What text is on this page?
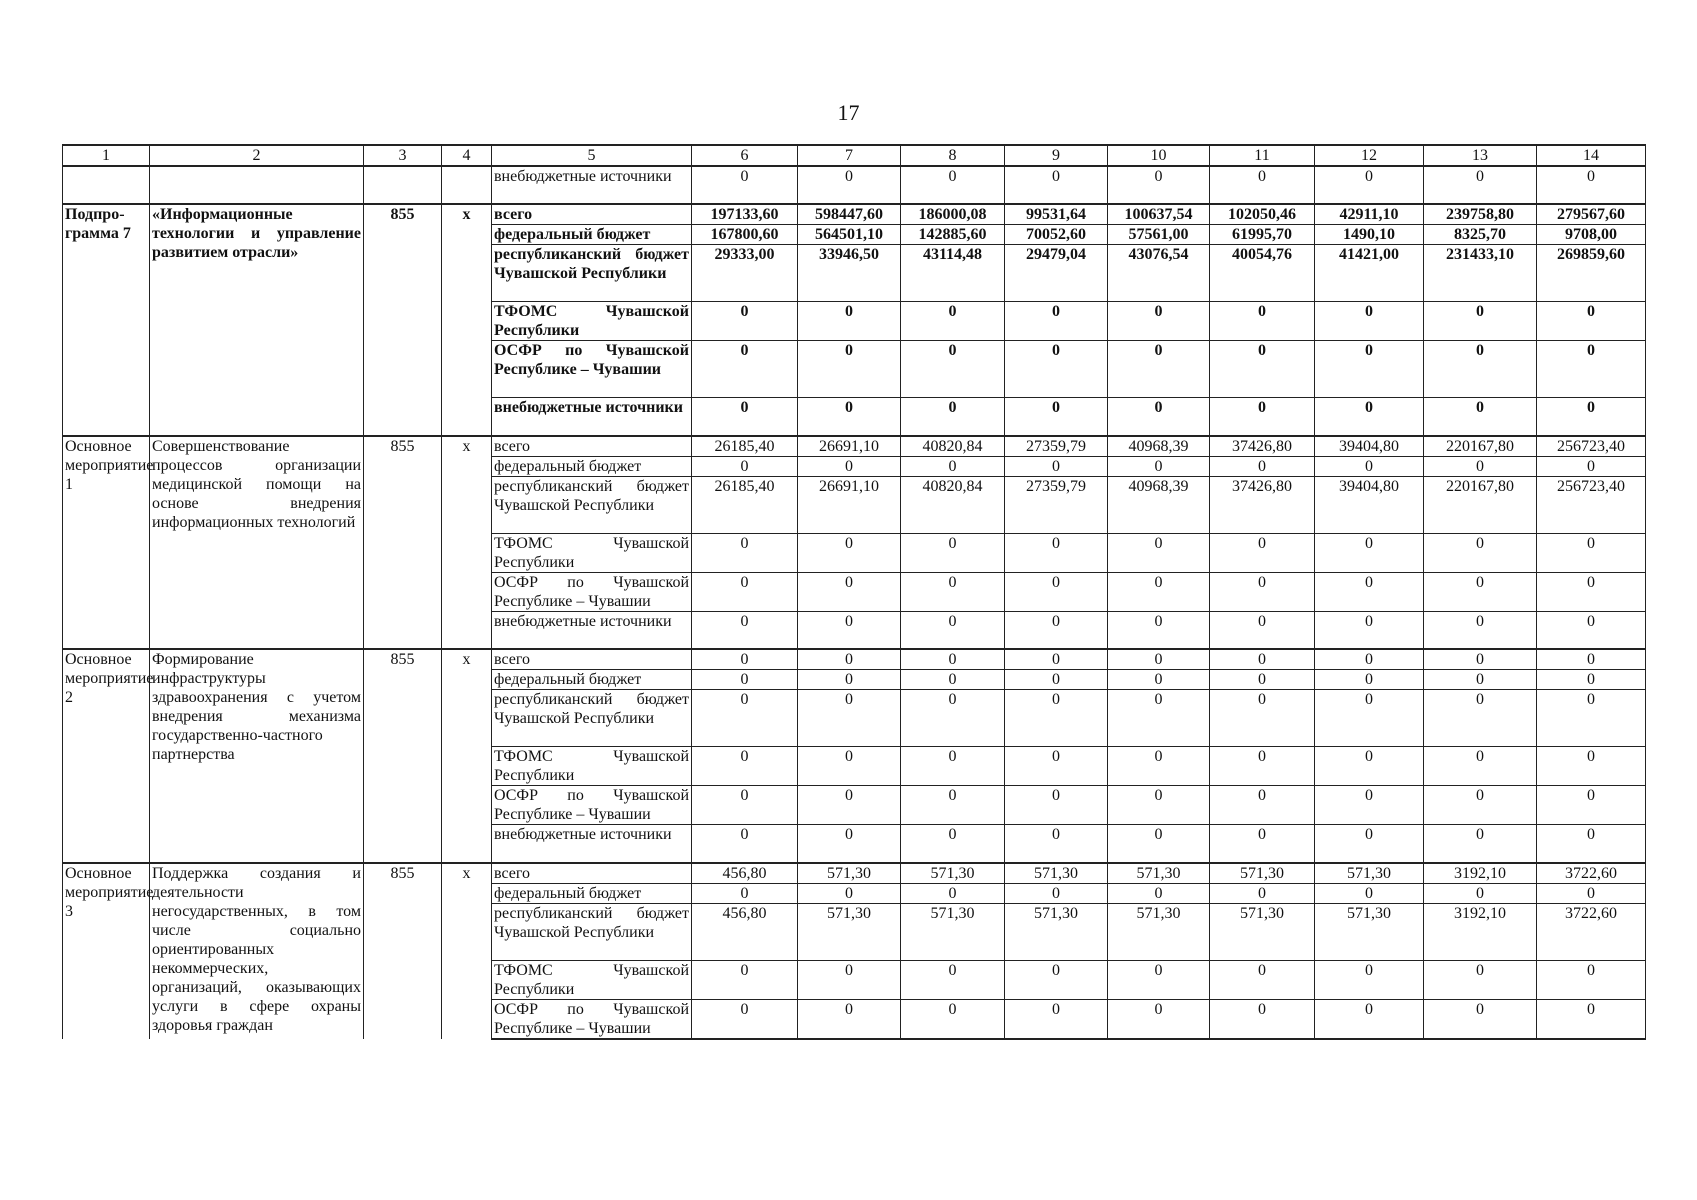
17
1	2	3	4	5	6	7	8	9	10	11	12	13	14
				внебюджетные источники	0	0	0	0	0	0	0	0	0
Подпро-грамма 7	«Информационные технологии и управление развитием отрасли»	855	x	всего	197133,60	598447,60	186000,08	99531,64	100637,54	102050,46	42911,10	239758,80	279567,60
				федеральный бюджет	167800,60	564501,10	142885,60	70052,60	57561,00	61995,70	1490,10	8325,70	9708,00
				республиканский бюджет Чувашской Республики	29333,00	33946,50	43114,48	29479,04	43076,54	40054,76	41421,00	231433,10	269859,60
				ТФОМС Чувашской Республики	0	0	0	0	0	0	0	0	0
				ОСФР по Чувашской Республике – Чувашии	0	0	0	0	0	0	0	0	0
				внебюджетные источники	0	0	0	0	0	0	0	0	0
Основное мероприятие 1	Совершенствование процессов организации медицинской помощи на основе внедрения информационных технологий	855	x	всего	26185,40	26691,10	40820,84	27359,79	40968,39	37426,80	39404,80	220167,80	256723,40
				федеральный бюджет	0	0	0	0	0	0	0	0	0
				республиканский бюджет Чувашской Республики	26185,40	26691,10	40820,84	27359,79	40968,39	37426,80	39404,80	220167,80	256723,40
				ТФОМС Чувашской Республики	0	0	0	0	0	0	0	0	0
				ОСФР по Чувашской Республике – Чувашии	0	0	0	0	0	0	0	0	0
				внебюджетные источники	0	0	0	0	0	0	0	0	0
Основное мероприятие 2	Формирование инфраструктуры здравоохранения с учетом внедрения механизма государственно-частного партнерства	855	x	всего	0	0	0	0	0	0	0	0	0
				федеральный бюджет	0	0	0	0	0	0	0	0	0
				республиканский бюджет Чувашской Республики	0	0	0	0	0	0	0	0	0
				ТФОМС Чувашской Республики	0	0	0	0	0	0	0	0	0
				ОСФР по Чувашской Республике – Чувашии	0	0	0	0	0	0	0	0	0
				внебюджетные источники	0	0	0	0	0	0	0	0	0
Основное мероприятие 3	Поддержка создания и деятельности негосударственных, в том числе социально ориентированных некоммерческих, организаций, оказывающих услуги в сфере охраны здоровья граждан	855	x	всего	456,80	571,30	571,30	571,30	571,30	571,30	571,30	3192,10	3722,60
				федеральный бюджет	0	0	0	0	0	0	0	0	0
				республиканский бюджет Чувашской Республики	456,80	571,30	571,30	571,30	571,30	571,30	571,30	3192,10	3722,60
				ТФОМС Чувашской Республики	0	0	0	0	0	0	0	0	0
				ОСФР по Чувашской Республике – Чувашии	0	0	0	0	0	0	0	0	0
